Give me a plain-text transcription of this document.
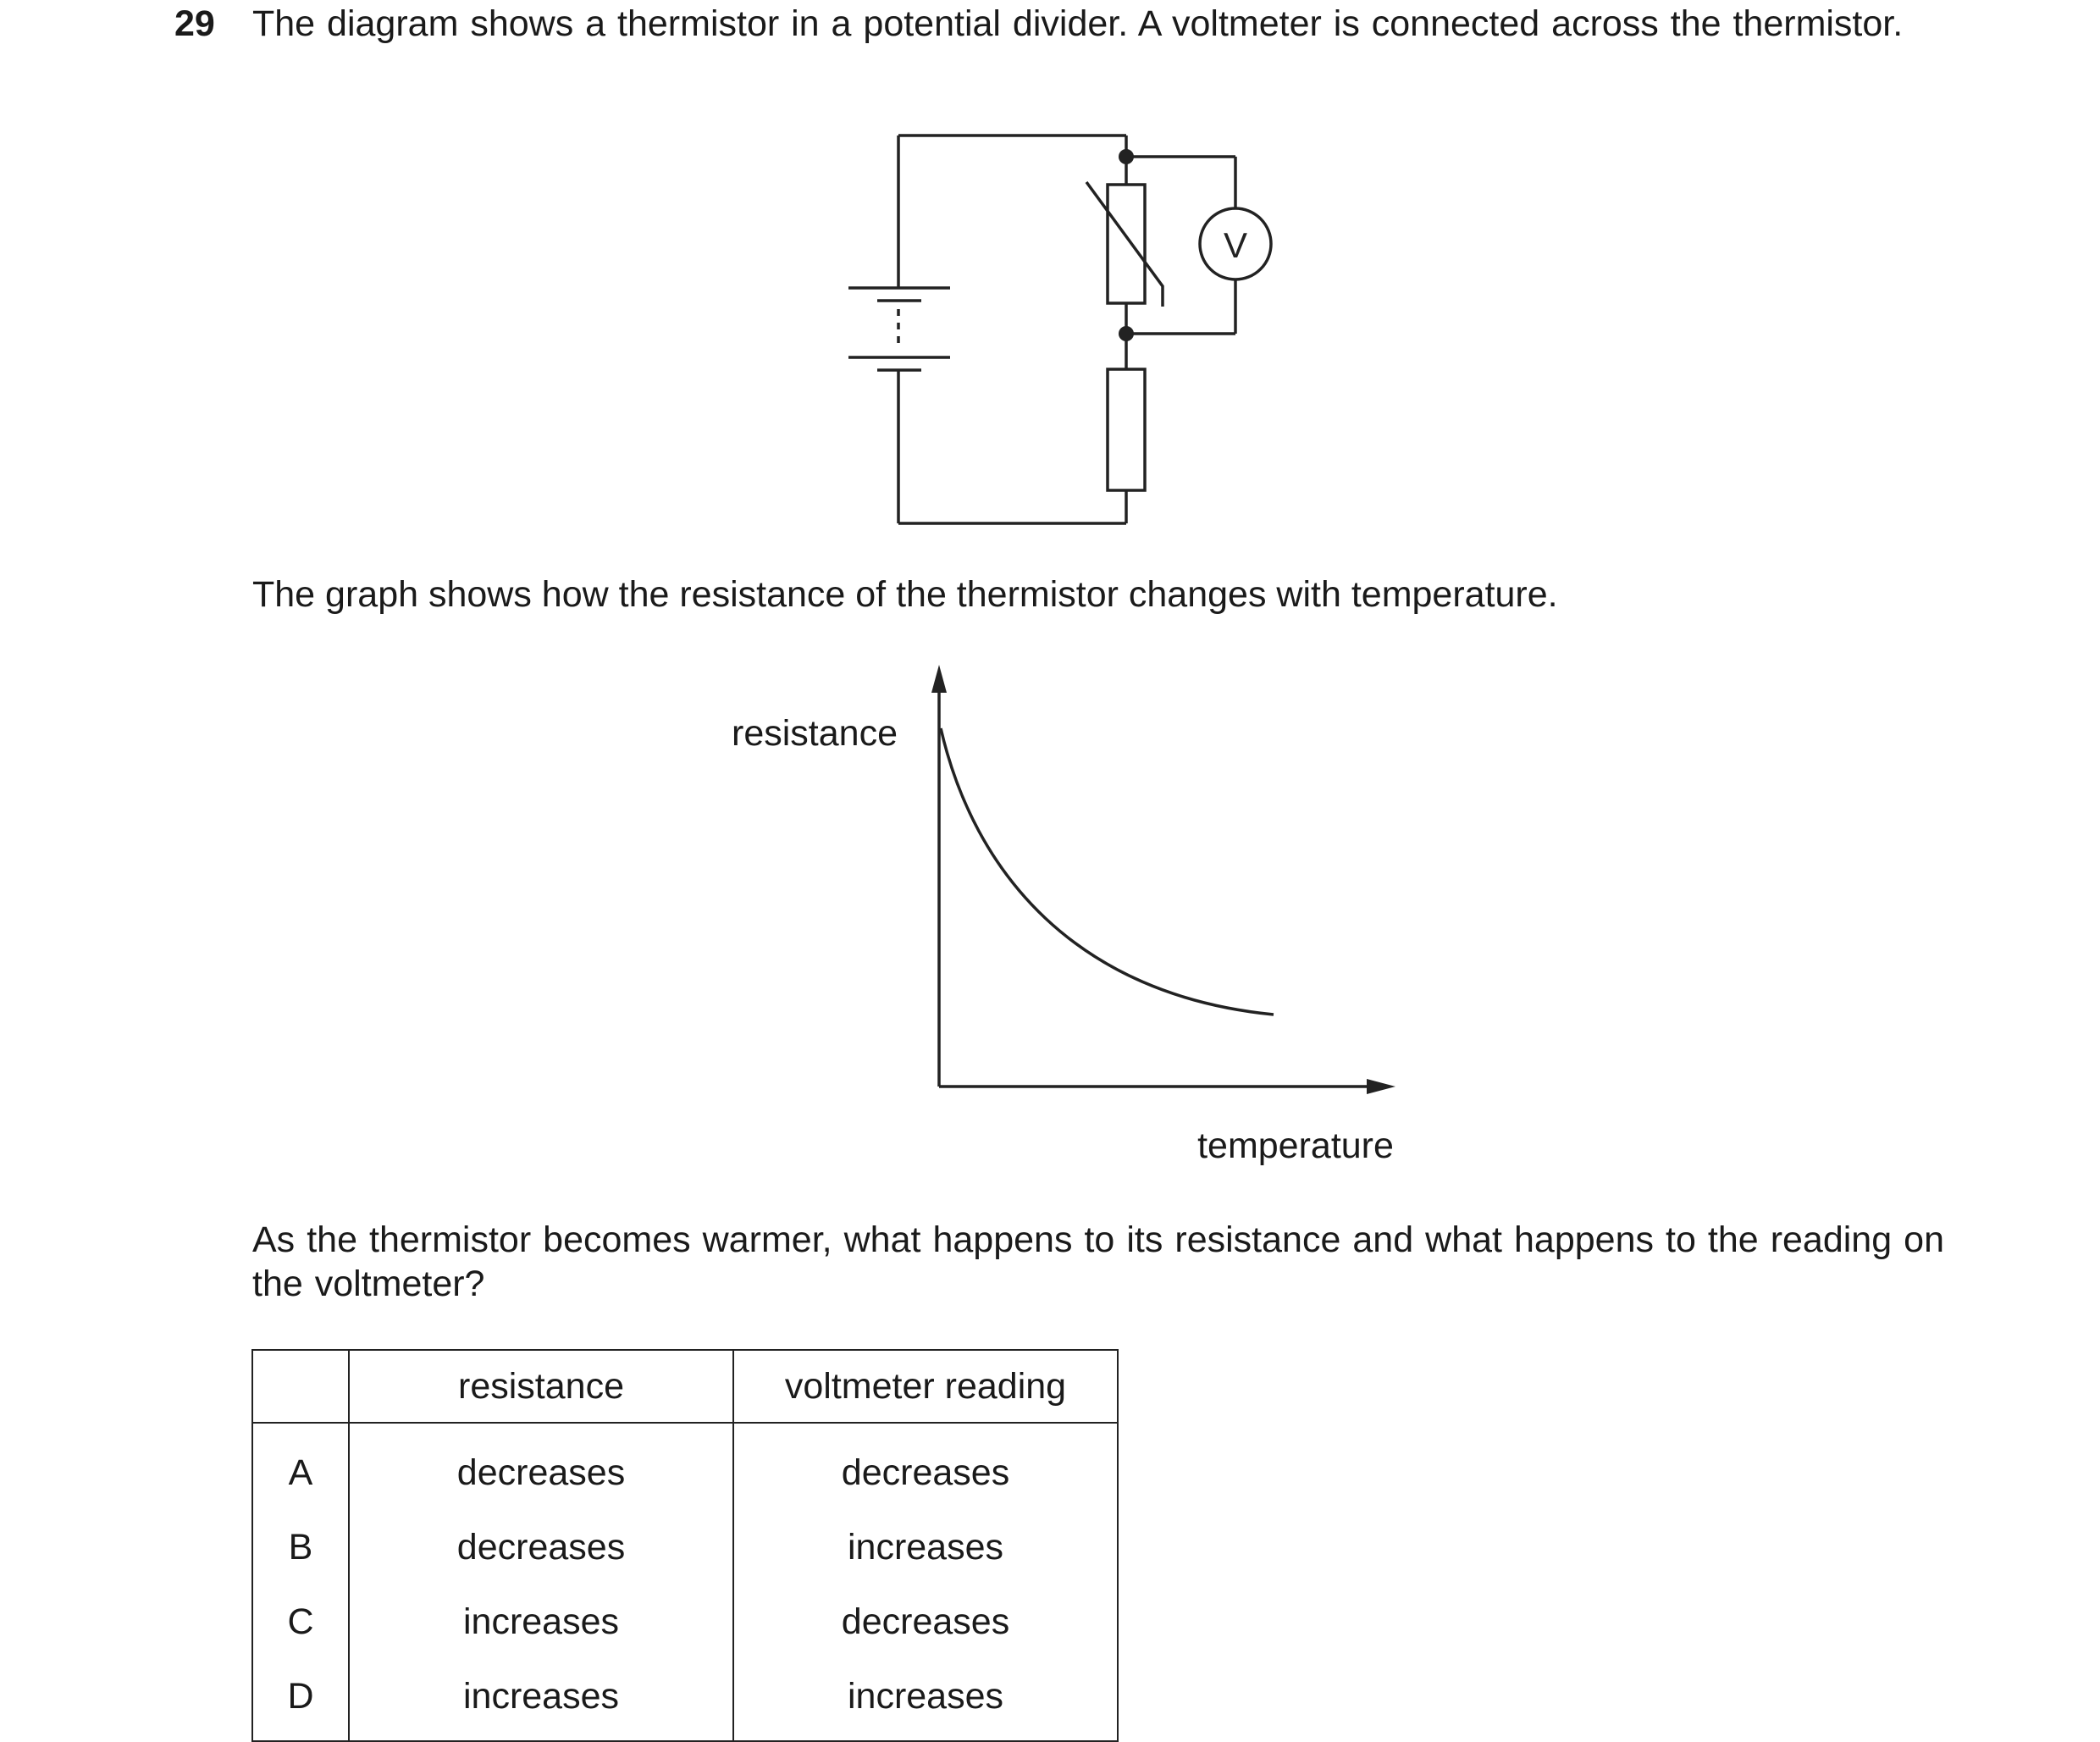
29 The diagram shows a thermistor in a potential divider. A voltmeter is connected across the thermistor.
V
The graph shows how the resistance of the thermistor changes with temperature.
resistance
temperature
As the thermistor becomes warmer, what happens to its resistance and what happens to the reading on the voltmeter?
	resistance	voltmeter reading
A	decreases	decreases
B	decreases	increases
C	increases	decreases
D	increases	increases
